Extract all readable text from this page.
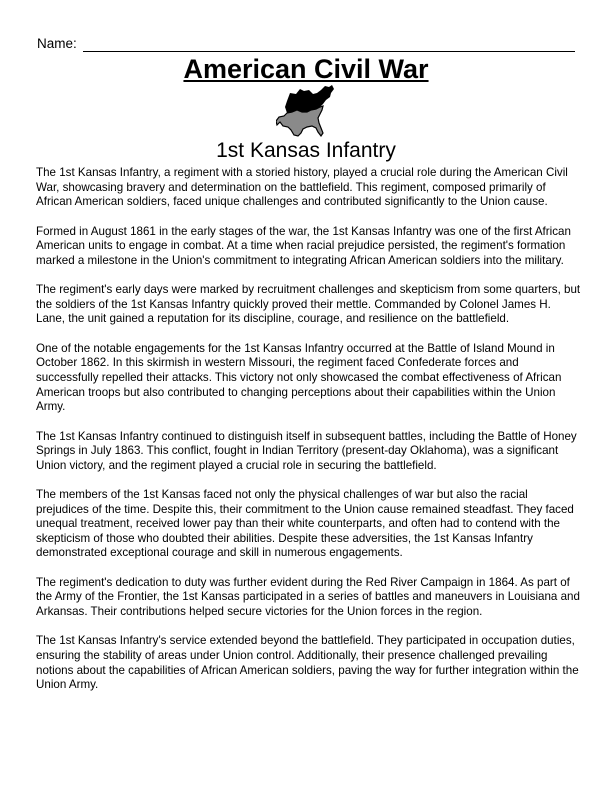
Name:
American Civil War
1st Kansas Infantry

The 1st Kansas Infantry, a regiment with a storied history, played a crucial role during the American Civil War, showcasing bravery and determination on the battlefield. This regiment, composed primarily of African American soldiers, faced unique challenges and contributed significantly to the Union cause.

Formed in August 1861 in the early stages of the war, the 1st Kansas Infantry was one of the first African American units to engage in combat. At a time when racial prejudice persisted, the regiment's formation marked a milestone in the Union's commitment to integrating African American soldiers into the military.

The regiment's early days were marked by recruitment challenges and skepticism from some quarters, but the soldiers of the 1st Kansas Infantry quickly proved their mettle. Commanded by Colonel James H. Lane, the unit gained a reputation for its discipline, courage, and resilience on the battlefield.

One of the notable engagements for the 1st Kansas Infantry occurred at the Battle of Island Mound in October 1862. In this skirmish in western Missouri, the regiment faced Confederate forces and successfully repelled their attacks. This victory not only showcased the combat effectiveness of African American troops but also contributed to changing perceptions about their capabilities within the Union Army.

The 1st Kansas Infantry continued to distinguish itself in subsequent battles, including the Battle of Honey Springs in July 1863. This conflict, fought in Indian Territory (present-day Oklahoma), was a significant Union victory, and the regiment played a crucial role in securing the battlefield.

The members of the 1st Kansas faced not only the physical challenges of war but also the racial prejudices of the time. Despite this, their commitment to the Union cause remained steadfast. They faced unequal treatment, received lower pay than their white counterparts, and often had to contend with the skepticism of those who doubted their abilities. Despite these adversities, the 1st Kansas Infantry demonstrated exceptional courage and skill in numerous engagements.

The regiment's dedication to duty was further evident during the Red River Campaign in 1864. As part of the Army of the Frontier, the 1st Kansas participated in a series of battles and maneuvers in Louisiana and Arkansas. Their contributions helped secure victories for the Union forces in the region.

The 1st Kansas Infantry's service extended beyond the battlefield. They participated in occupation duties, ensuring the stability of areas under Union control. Additionally, their presence challenged prevailing notions about the capabilities of African American soldiers, paving the way for further integration within the Union Army.
